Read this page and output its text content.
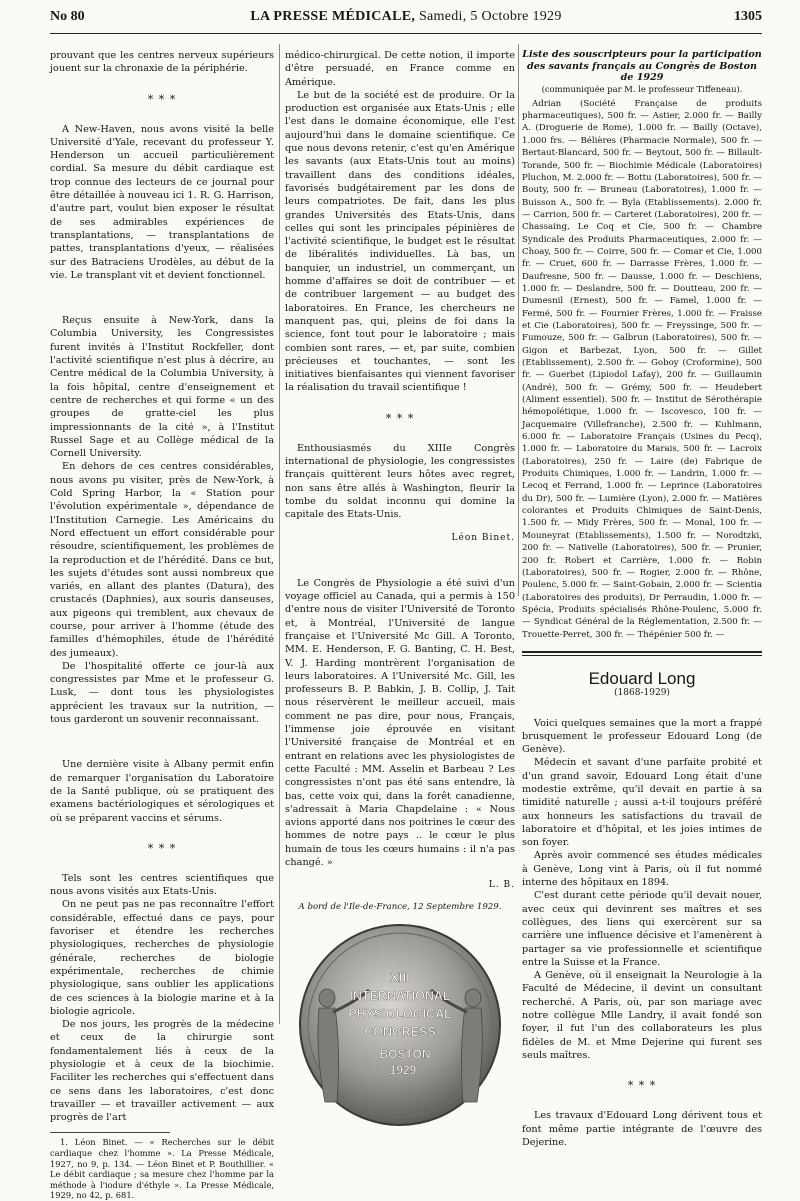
No 80	LA PRESSE MÉDICALE, Samedi, 5 Octobre 1929	1305

prouvant que les centres nerveux supérieurs jouent sur la chronaxie de la périphérie.

* * *

A New-Haven, nous avons visité la belle Université d'Yale, recevant du professeur Y. Henderson un accueil particulièrement cordial. Sa mesure du débit cardiaque est trop connue des lecteurs de ce journal pour être détaillée à nouveau ici 1. R. G. Harrison, d'autre part, voulut bien exposer le résultat de ses admirables expériences de transplantations, — transplantations de pattes, transplantations d'yeux, — réalisées sur des Batraciens Urodèles, au début de la vie. Le transplant vit et devient fonctionnel.

Reçus ensuite à New-York, dans la Columbia University, les Congressistes furent invités à l'Institut Rockfeller, dont l'activité scientifique n'est plus à décrire, au Centre médical de la Columbia University, à la fois hôpital, centre d'enseignement et centre de recherches et qui forme « un des groupes de gratte-ciel les plus impressionnants de la cité », à l'Institut Russel Sage et au Collège médical de la Cornell University.

En dehors de ces centres considérables, nous avons pu visiter, près de New-York, à Cold Spring Harbor, la « Station pour l'évolution expérimentale », dépendance de l'Institution Carnegie. Les Américains du Nord effectuent un effort considérable pour résoudre, scientifiquement, les problèmes de la reproduction et de l'hérédité. Dans ce but, les sujets d'études sont aussi nombreux que variés, en allant des plantes (Datura), des crustacés (Daphnies), aux souris danseuses, aux pigeons qui tremblent, aux chevaux de course, pour arriver à l'homme (étude des familles d'hémophiles, étude de l'hérédité des jumeaux).

De l'hospitalité offerte ce jour-là aux congressistes par Mme et le professeur G. Lusk, — dont tous les physiologistes apprécient les travaux sur la nutrition, — tous garderont un souvenir reconnaissant.

Une dernière visite à Albany permit enfin de remarquer l'organisation du Laboratoire de la Santé publique, où se pratiquent des examens bactériologiques et sérologiques et où se préparent vaccins et sérums.

* * *

Tels sont les centres scientifiques que nous avons visités aux Etats-Unis.

On ne peut pas ne pas reconnaître l'effort considérable, effectué dans ce pays, pour favoriser et étendre les recherches physiologiques, recherches de physiologie générale, recherches de biologie expérimentale, recherches de chimie physiologique, sans oublier les applications de ces sciences à la biologie marine et à la biologie agricole.

De nos jours, les progrès de la médecine et ceux de la chirurgie sont fondamentalement liés à ceux de la physiologie et à ceux de la biochimie. Faciliter les recherches qui s'effectuent dans ce sens dans les laboratoires, c'est donc travailler — et travailler activement — aux progrès de l'art

1. Léon Binet. — « Recherches sur le débit cardiaque chez l'homme ». La Presse Médicale, 1927, no 9, p. 134. — Léon Binet et P. Bouthillier. « Le débit cardiaque ; sa mesure chez l'homme par la méthode à l'iodure d'éthyle ». La Presse Médicale, 1929, no 42, p. 681.

médico-chirurgical. De cette notion, il importe d'être persuadé, en France comme en Amérique.

Le but de la société est de produire. Or la production est organisée aux Etats-Unis ; elle l'est dans le domaine économique, elle l'est aujourd'hui dans le domaine scientifique. Ce que nous devons retenir, c'est qu'en Amérique les savants (aux Etats-Unis tout au moins) travaillent dans des conditions idéales, favorisés budgétairement par les dons de leurs compatriotes. De fait, dans les plus grandes Universités des Etats-Unis, dans celles qui sont les principales pépinières de l'activité scientifique, le budget est le résultat de libéralités individuelles. Là bas, un banquier, un industriel, un commerçant, un homme d'affaires se doit de contribuer — et de contribuer largement — au budget des laboratoires. En France, les chercheurs ne manquent pas, qui, pleins de foi dans la science, font tout pour le laboratoire ; mais combien sont rares, — et, par suite, combien précieuses et touchantes, — sont les initiatives bienfaisantes qui viennent favoriser la réalisation du travail scientifique !

* * *

Enthousiasmés du XIIIe Congrès international de physiologie, les congressistes français quittèrent leurs hôtes avec regret, non sans être allés à Washington, fleurir la tombe du soldat inconnu qui domine la capitale des Etats-Unis.

Léon Binet.

Le Congrès de Physiologie a été suivi d'un voyage officiel au Canada, qui a permis à 150 d'entre nous de visiter l'Université de Toronto et, à Montréal, l'Université de langue française et l'Université Mc Gill. A Toronto, MM. E. Henderson, F. G. Banting, C. H. Best, V. J. Harding montrèrent l'organisation de leurs laboratoires. A l'Université Mc. Gill, les professeurs B. P. Babkin, J. B. Collip, J. Tait nous réservèrent le meilleur accueil, mais comment ne pas dire, pour nous, Français, l'immense joie éprouvée en visitant l'Université française de Montréal et en entrant en relations avec les physiologistes de cette Faculté : MM. Asselin et Barbeau ? Les congressistes n'ont pas été sans entendre, là bas, cette voix qui, dans la forêt canadienne, s'adressait à Maria Chapdelaine : « Nous avions apporté dans nos poitrines le cœur des hommes de notre pays .. le cœur le plus humain de tous les cœurs humains : il n'a pas changé. »

L. B.
A bord de l'Ile-de-France, 12 Septembre 1929.
XIII
INTERNATIONAL
PHYSIOLOGICAL
CONGRESS
BOSTON
1929
Liste des souscripteurs pour la participation des savants français au Congrès de Boston de 1929
(communiquée par M. le professeur Tiffeneau).

Adrian (Société Française de produits pharmaceutiques), 500 fr. — Astier, 2.000 fr. — Bailly A. (Droguerie de Rome), 1.000 fr. — Bailly (Octave), 1.000 frs. — Bélières (Pharmacie Normale), 500 fr. — Bertaut-Blancard, 500 fr. — Beytout, 500 fr. — Billault-Torande, 500 fr. — Biochimie Médicale (Laboratoires) Pluchon, M. 2.000 fr. — Bottu (Laboratoires), 500 fr. — Bouty, 500 fr. — Bruneau (Laboratoires), 1.000 fr. — Buisson A., 500 fr. — Byla (Etablissements). 2.000 fr. — Carrion, 500 fr. — Carteret (Laboratoires), 200 fr. — Chassaing, Le Coq et Cie, 500 fr. — Chambre Syndicale des Produits Pharmaceutiques, 2.000 fr. — Choay, 500 fr. — Coirre, 500 fr. — Comar et Cie, 1.000 fr. — Cruet, 600 fr. — Darrasse Frères, 1.000 fr. — Daufresne, 500 fr. — Dausse, 1.000 fr. — Deschiens, 1.000 fr. — Deslandre, 500 fr. — Doutteau, 200 fr. — Dumesnil (Ernest), 500 fr. — Famel, 1.000 fr. — Fermé, 500 fr. — Fournier Frères, 1.000 fr. — Fraisse et Cie (Laboratoires), 500 fr. — Freyssinge, 500 fr. — Fumouze, 500 fr. — Galbrun (Laboratoires), 500 fr. — Gigon et Barbezat, Lyon, 500 fr. — Gillet (Etablissement), 2.500 fr. — Goboy (Croformine), 500 fr. — Guerbet (Lipiodol Lafay), 200 fr. — Guillaumin (André), 500 fr. — Grémy, 500 fr. — Heudebert (Aliment essentiel). 500 fr. — Institut de Sérothérapie hémopoïétique, 1.000 fr. — Iscovesco, 100 fr. — Jacquemaire (Villefranche), 2.500 fr. — Kuhlmann, 6.000 fr. — Laboratoire Français (Usines du Pecq), 1.000 fr. — Laboratoire du Marais, 500 fr. — Lacroix (Laboratoires), 250 fr. — Laire (de) Fabrique de Produits Chimiques, 1.000 fr. — Landrin, 1.000 fr. — Lecoq et Ferrand, 1.000 fr. — Leprince (Laboratoires du Dr), 500 fr. — Lumière (Lyon), 2.000 fr. — Matières colorantes et Produits Chimiques de Saint-Denis, 1.500 fr. — Midy Frères, 500 fr. — Monal, 100 fr. — Mouneyrat (Etablissements), 1.500 fr. — Norodtzki, 200 fr. — Nativelle (Laboratoires), 500 fr. — Prunier, 200 fr. Robert et Carrière, 1.000 fr. — Robin (Laboratoires), 500 fr. — Rogier, 2.000 fr. — Rhône, Poulenc, 5.000 fr. — Saint-Gobain, 2.000 fr. — Scientia (Laboratoires des produits), Dr Perraudin, 1.000 fr. — Spécia, Produits spécialisés Rhône-Poulenc, 5.000 fr. — Syndicat Général de la Réglementation, 2.500 fr. — Trouette-Perret, 300 fr. — Thépénier 500 fr. —

Edouard Long
(1868-1929)

Voici quelques semaines que la mort a frappé brusquement le professeur Edouard Long (de Genève).

Médecin et savant d'une parfaite probité et d'un grand savoir, Edouard Long était d'une modestie extrême, qu'il devait en partie à sa timidité naturelle ; aussi a-t-il toujours préféré aux honneurs les satisfactions du travail de laboratoire et d'hôpital, et les joies intimes de son foyer.

Après avoir commencé ses études médicales à Genève, Long vint à Paris, où il fut nommé interne des hôpitaux en 1894.

C'est durant cette période qu'il devait nouer, avec ceux qui devinrent ses maîtres et ses collègues, des liens qui exercèrent sur sa carrière une influence décisive et l'amenèrent à partager sa vie professionnelle et scientifique entre la Suisse et la France.

A Genève, où il enseignait la Neurologie à la Faculté de Médecine, il devint un consultant recherché. A Paris, où, par son mariage avec notre collègue Mlle Landry, il avait fondé son foyer, il fut l'un des collaborateurs les plus fidèles de M. et Mme Dejerine qui furent ses seuls maîtres.

* * *

Les travaux d'Edouard Long dérivent tous et font même partie intégrante de l'œuvre des Dejerine.
